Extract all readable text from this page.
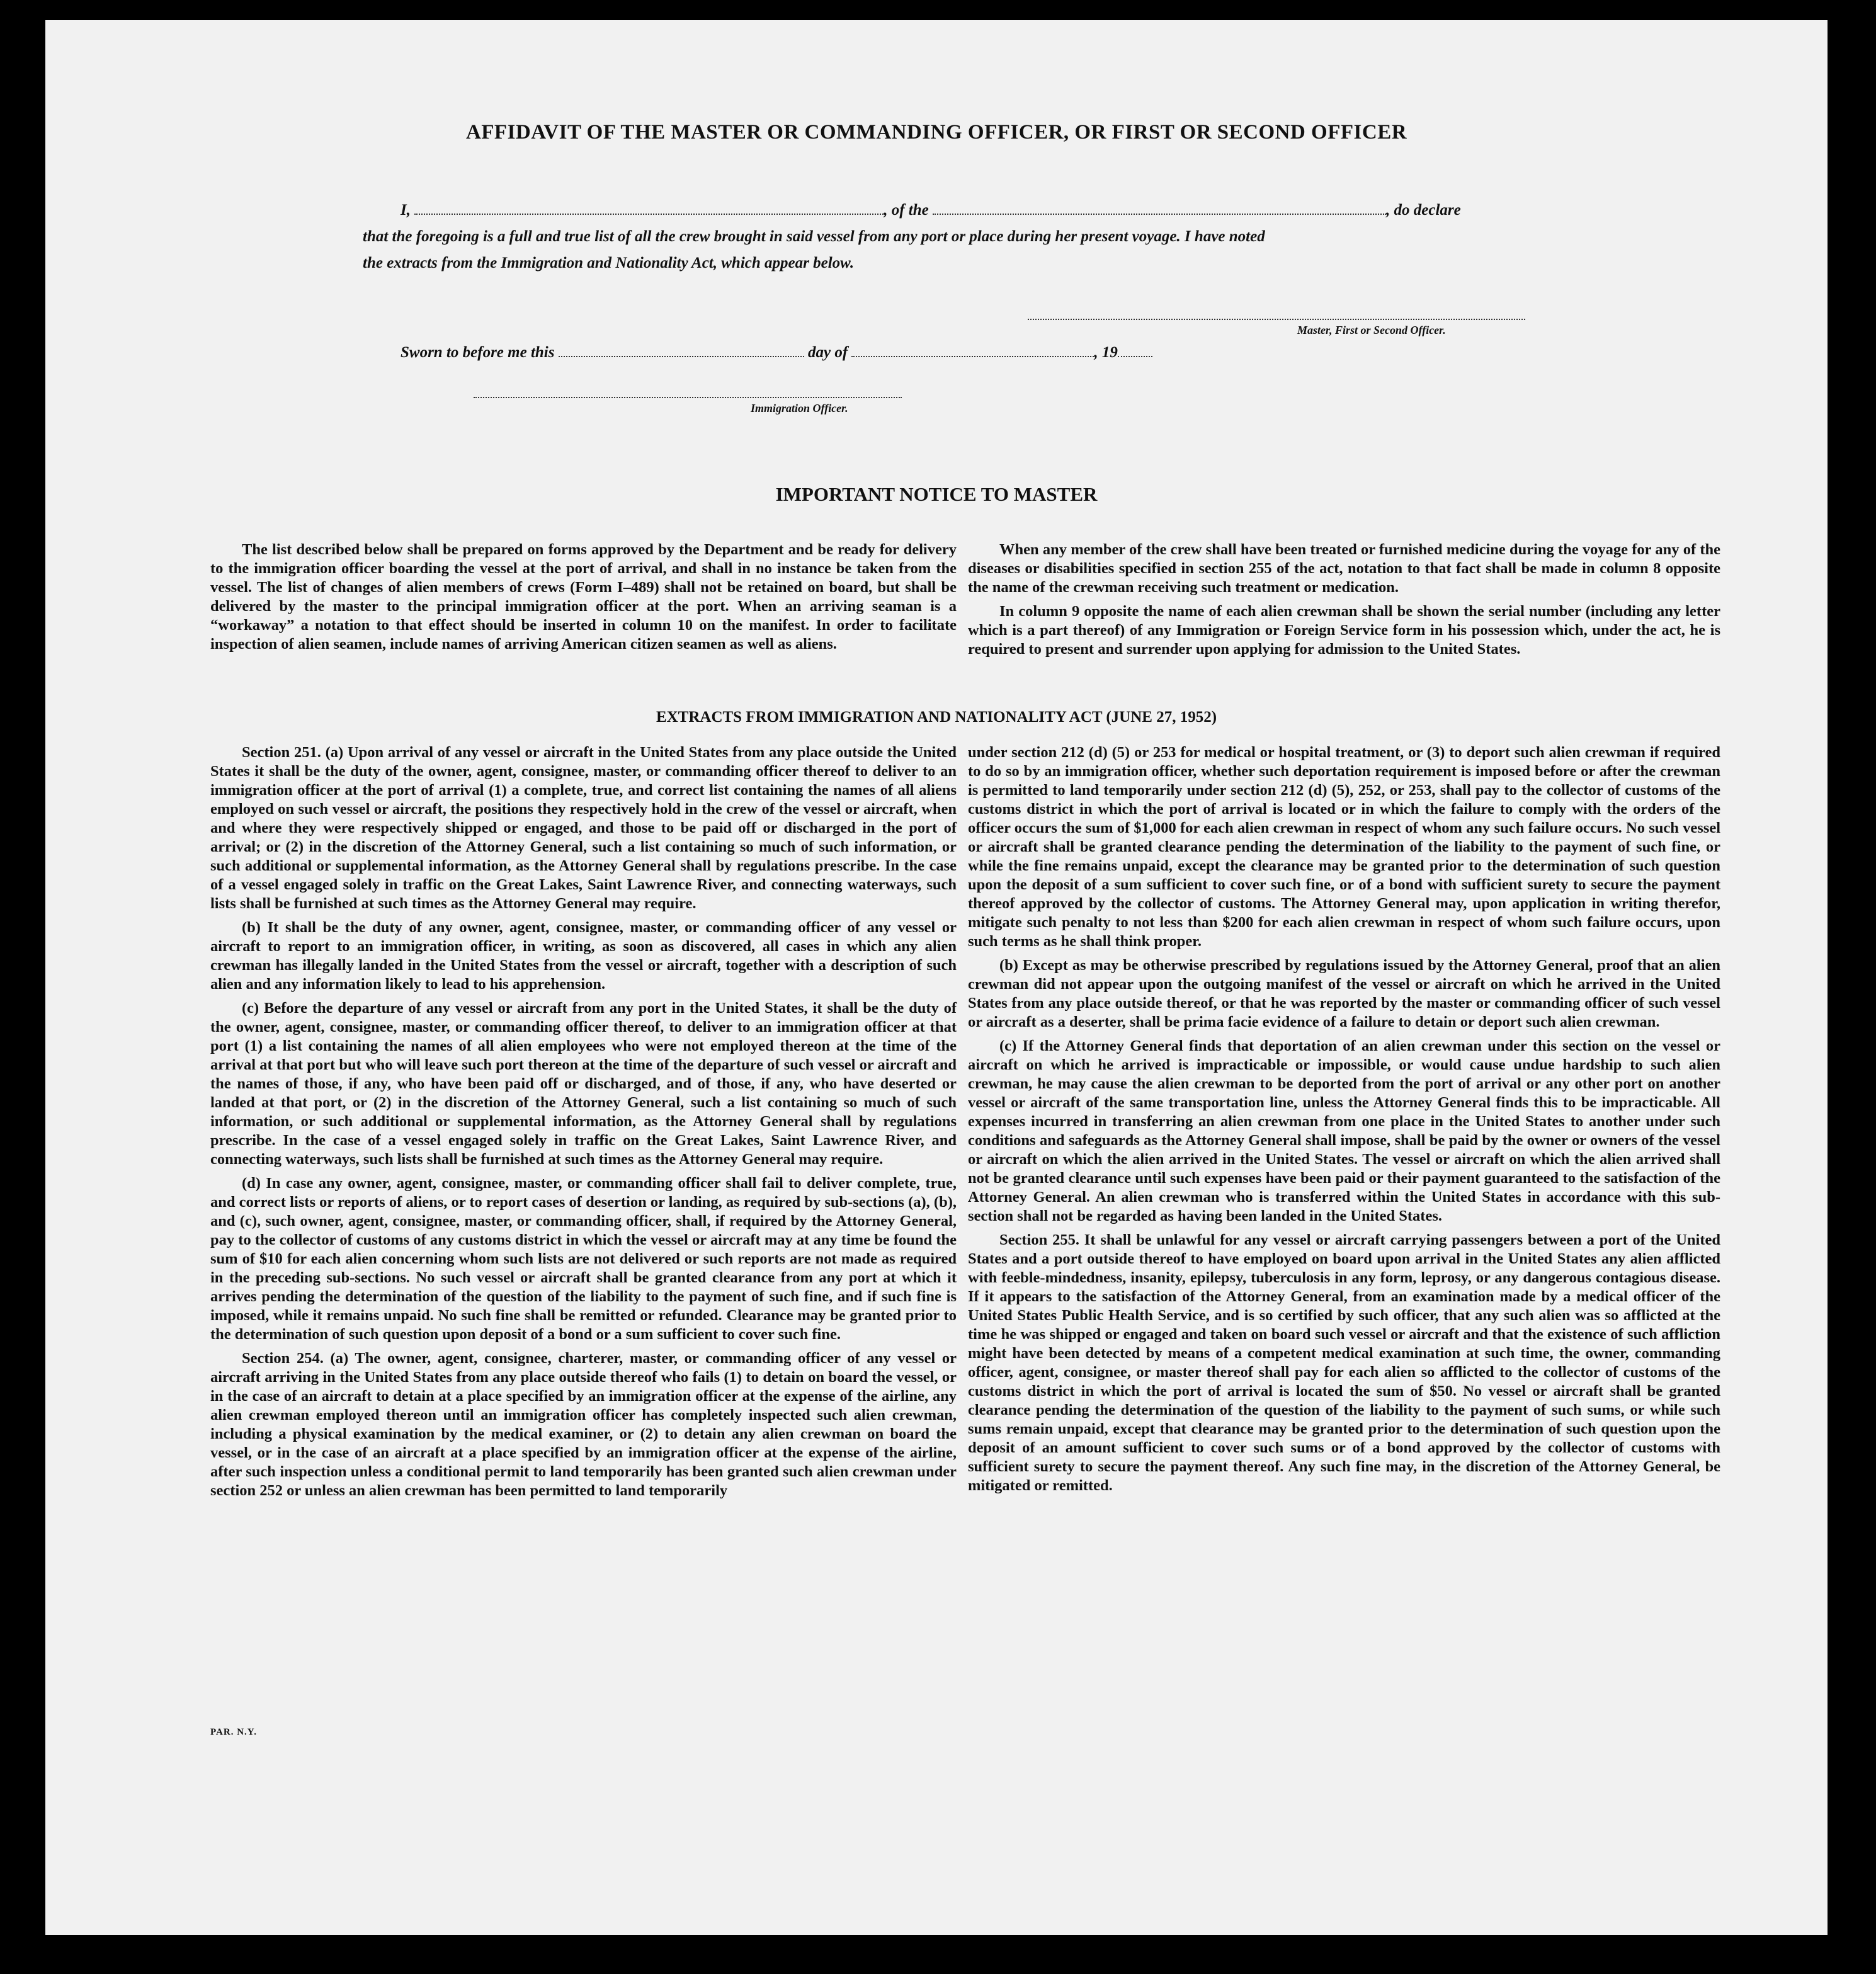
AFFIDAVIT OF THE MASTER OR COMMANDING OFFICER, OR FIRST OR SECOND OFFICER
I,	, of the	, do declare
that the foregoing is a full and true list of all the crew brought in said vessel from any port or place during her present voyage. I have noted
the extracts from the Immigration and Nationality Act, which appear below.
Master, First or Second Officer.
Sworn to before me this	day of	, 19
Immigration Officer.
IMPORTANT NOTICE TO MASTER

The list described below shall be prepared on forms approved by the Department and be ready for delivery to the immigration officer boarding the vessel at the port of arrival, and shall in no instance be taken from the vessel. The list of changes of alien members of crews (Form I–489) shall not be retained on board, but shall be delivered by the master to the principal immigration officer at the port. When an arriving seaman is a “workaway” a notation to that effect should be inserted in column 10 on the manifest. In order to facilitate inspection of alien seamen, include names of arriving American citizen seamen as well as aliens.

When any member of the crew shall have been treated or furnished medicine during the voyage for any of the diseases or disabilities specified in section 255 of the act, notation to that fact shall be made in column 8 opposite the name of the crewman receiving such treatment or medication.

In column 9 opposite the name of each alien crewman shall be shown the serial number (including any letter which is a part thereof) of any Immigration or Foreign Service form in his possession which, under the act, he is required to present and surrender upon applying for admission to the United States.

EXTRACTS FROM IMMIGRATION AND NATIONALITY ACT (JUNE 27, 1952)

Section 251. (a) Upon arrival of any vessel or aircraft in the United States from any place outside the United States it shall be the duty of the owner, agent, consignee, master, or commanding officer thereof to deliver to an immigration officer at the port of arrival (1) a complete, true, and correct list containing the names of all aliens employed on such vessel or aircraft, the positions they respectively hold in the crew of the vessel or aircraft, when and where they were respectively shipped or engaged, and those to be paid off or discharged in the port of arrival; or (2) in the discretion of the Attorney General, such a list containing so much of such information, or such additional or supplemental information, as the Attorney General shall by regulations prescribe. In the case of a vessel engaged solely in traffic on the Great Lakes, Saint Lawrence River, and connecting waterways, such lists shall be furnished at such times as the Attorney General may require.

(b) It shall be the duty of any owner, agent, consignee, master, or commanding officer of any vessel or aircraft to report to an immigration officer, in writing, as soon as discovered, all cases in which any alien crewman has illegally landed in the United States from the vessel or aircraft, together with a description of such alien and any information likely to lead to his apprehension.

(c) Before the departure of any vessel or aircraft from any port in the United States, it shall be the duty of the owner, agent, consignee, master, or commanding officer thereof, to deliver to an immigration officer at that port (1) a list containing the names of all alien employees who were not employed thereon at the time of the arrival at that port but who will leave such port thereon at the time of the departure of such vessel or aircraft and the names of those, if any, who have been paid off or discharged, and of those, if any, who have deserted or landed at that port, or (2) in the discretion of the Attorney General, such a list containing so much of such information, or such additional or supplemental information, as the Attorney General shall by regulations prescribe. In the case of a vessel engaged solely in traffic on the Great Lakes, Saint Lawrence River, and connecting waterways, such lists shall be furnished at such times as the Attorney General may require.

(d) In case any owner, agent, consignee, master, or commanding officer shall fail to deliver complete, true, and correct lists or reports of aliens, or to report cases of desertion or landing, as required by sub-sections (a), (b), and (c), such owner, agent, consignee, master, or commanding officer, shall, if required by the Attorney General, pay to the collector of customs of any customs district in which the vessel or aircraft may at any time be found the sum of $10 for each alien concerning whom such lists are not delivered or such reports are not made as required in the preceding sub-sections. No such vessel or aircraft shall be granted clearance from any port at which it arrives pending the determination of the question of the liability to the payment of such fine, and if such fine is imposed, while it remains unpaid. No such fine shall be remitted or refunded. Clearance may be granted prior to the determination of such question upon deposit of a bond or a sum sufficient to cover such fine.

Section 254. (a) The owner, agent, consignee, charterer, master, or commanding officer of any vessel or aircraft arriving in the United States from any place outside thereof who fails (1) to detain on board the vessel, or in the case of an aircraft to detain at a place specified by an immigration officer at the expense of the airline, any alien crewman employed thereon until an immigration officer has completely inspected such alien crewman, including a physical examination by the medical examiner, or (2) to detain any alien crewman on board the vessel, or in the case of an aircraft at a place specified by an immigration officer at the expense of the airline, after such inspection unless a conditional permit to land temporarily has been granted such alien crewman under section 252 or unless an alien crewman has been permitted to land temporarily

under section 212 (d) (5) or 253 for medical or hospital treatment, or (3) to deport such alien crewman if required to do so by an immigration officer, whether such deportation requirement is imposed before or after the crewman is permitted to land temporarily under section 212 (d) (5), 252, or 253, shall pay to the collector of customs of the customs district in which the port of arrival is located or in which the failure to comply with the orders of the officer occurs the sum of $1,000 for each alien crewman in respect of whom any such failure occurs. No such vessel or aircraft shall be granted clearance pending the determination of the liability to the payment of such fine, or while the fine remains unpaid, except the clearance may be granted prior to the determination of such question upon the deposit of a sum sufficient to cover such fine, or of a bond with sufficient surety to secure the payment thereof approved by the collector of customs. The Attorney General may, upon application in writing therefor, mitigate such penalty to not less than $200 for each alien crewman in respect of whom such failure occurs, upon such terms as he shall think proper.

(b) Except as may be otherwise prescribed by regulations issued by the Attorney General, proof that an alien crewman did not appear upon the outgoing manifest of the vessel or aircraft on which he arrived in the United States from any place outside thereof, or that he was reported by the master or commanding officer of such vessel or aircraft as a deserter, shall be prima facie evidence of a failure to detain or deport such alien crewman.

(c) If the Attorney General finds that deportation of an alien crewman under this section on the vessel or aircraft on which he arrived is impracticable or impossible, or would cause undue hardship to such alien crewman, he may cause the alien crewman to be deported from the port of arrival or any other port on another vessel or aircraft of the same transportation line, unless the Attorney General finds this to be impracticable. All expenses incurred in transferring an alien crewman from one place in the United States to another under such conditions and safeguards as the Attorney General shall impose, shall be paid by the owner or owners of the vessel or aircraft on which the alien arrived in the United States. The vessel or aircraft on which the alien arrived shall not be granted clearance until such expenses have been paid or their payment guaranteed to the satisfaction of the Attorney General. An alien crewman who is transferred within the United States in accordance with this sub-section shall not be regarded as having been landed in the United States.

Section 255. It shall be unlawful for any vessel or aircraft carrying passengers between a port of the United States and a port outside thereof to have employed on board upon arrival in the United States any alien afflicted with feeble-mindedness, insanity, epilepsy, tuberculosis in any form, leprosy, or any dangerous contagious disease. If it appears to the satisfaction of the Attorney General, from an examination made by a medical officer of the United States Public Health Service, and is so certified by such officer, that any such alien was so afflicted at the time he was shipped or engaged and taken on board such vessel or aircraft and that the existence of such affliction might have been detected by means of a competent medical examination at such time, the owner, commanding officer, agent, consignee, or master thereof shall pay for each alien so afflicted to the collector of customs of the customs district in which the port of arrival is located the sum of $50. No vessel or aircraft shall be granted clearance pending the determination of the question of the liability to the payment of such sums, or while such sums remain unpaid, except that clearance may be granted prior to the determination of such question upon the deposit of an amount sufficient to cover such sums or of a bond approved by the collector of customs with sufficient surety to secure the payment thereof. Any such fine may, in the discretion of the Attorney General, be mitigated or remitted.

PAR. N.Y.
